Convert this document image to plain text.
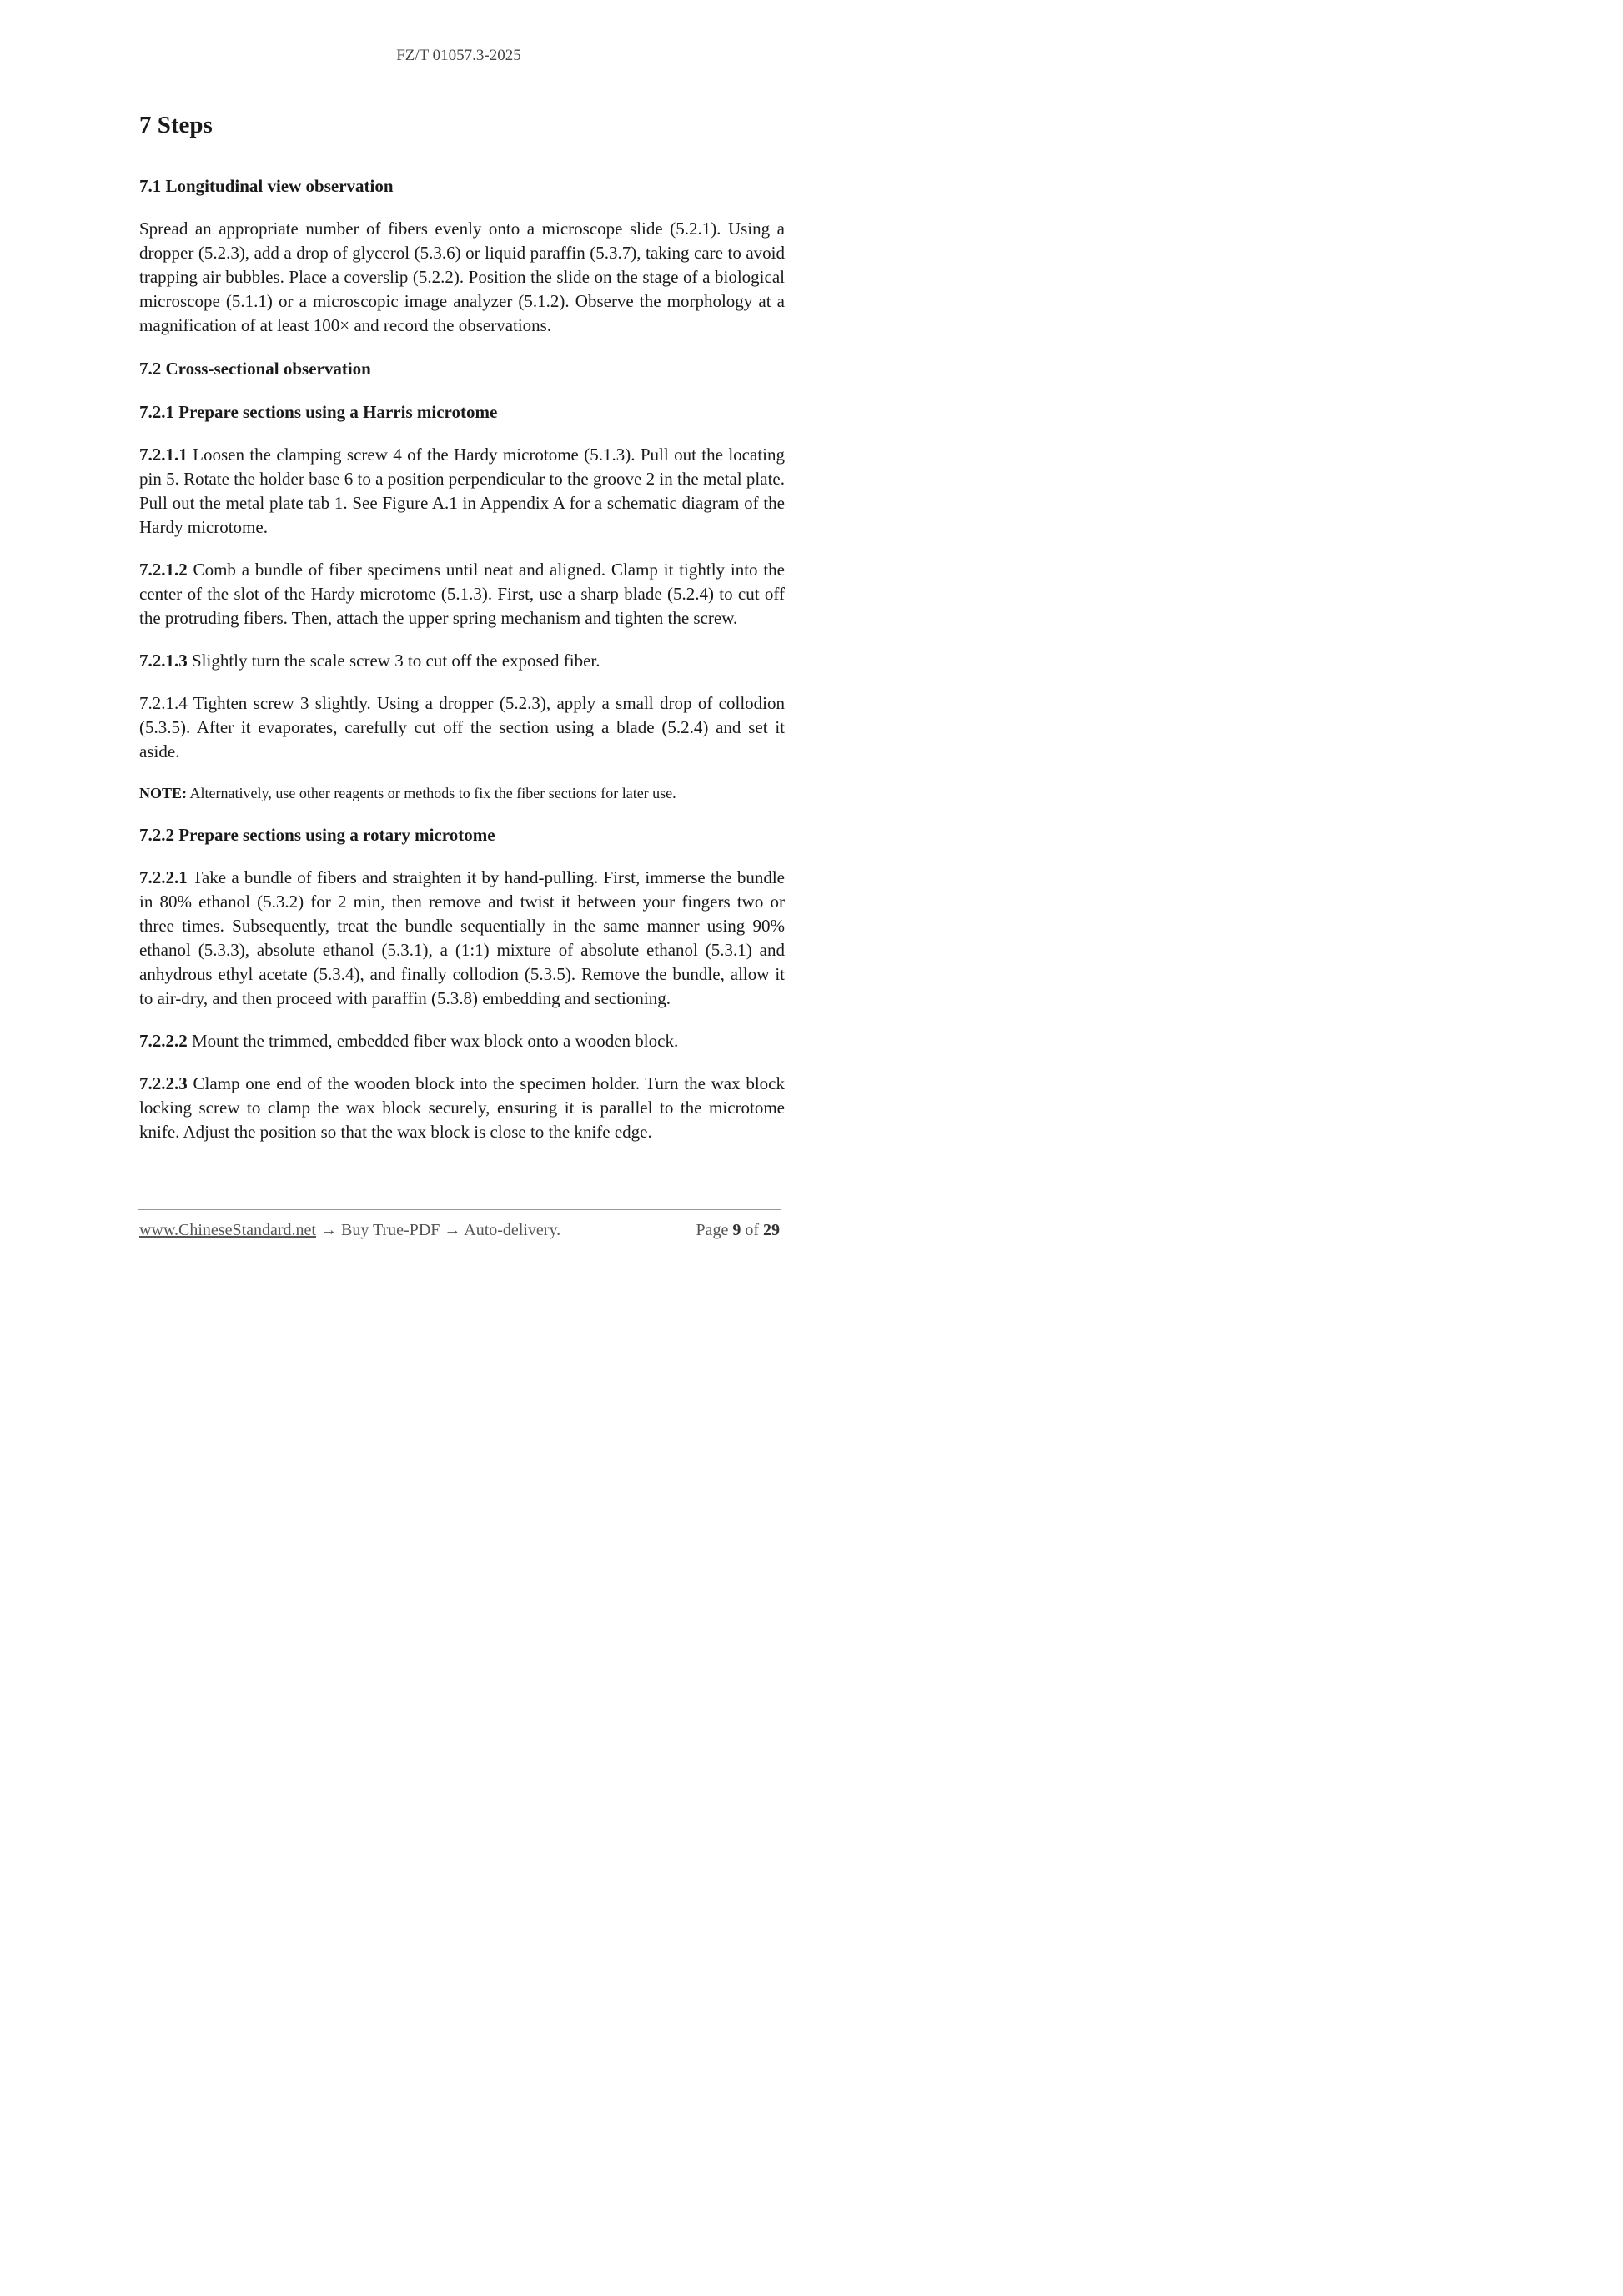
FZ/T 01057.3-2025
7 Steps
7.1 Longitudinal view observation

Spread an appropriate number of fibers evenly onto a microscope slide (5.2.1). Using a dropper (5.2.3), add a drop of glycerol (5.3.6) or liquid paraffin (5.3.7), taking care to avoid trapping air bubbles. Place a coverslip (5.2.2). Position the slide on the stage of a biological microscope (5.1.1) or a microscopic image analyzer (5.1.2). Observe the morphology at a magnification of at least 100× and record the observations.

7.2 Cross-sectional observation
7.2.1 Prepare sections using a Harris microtome

7.2.1.1 Loosen the clamping screw 4 of the Hardy microtome (5.1.3). Pull out the locating pin 5. Rotate the holder base 6 to a position perpendicular to the groove 2 in the metal plate. Pull out the metal plate tab 1. See Figure A.1 in Appendix A for a schematic diagram of the Hardy microtome.

7.2.1.2 Comb a bundle of fiber specimens until neat and aligned. Clamp it tightly into the center of the slot of the Hardy microtome (5.1.3). First, use a sharp blade (5.2.4) to cut off the protruding fibers. Then, attach the upper spring mechanism and tighten the screw.

7.2.1.3 Slightly turn the scale screw 3 to cut off the exposed fiber.

7.2.1.4 Tighten screw 3 slightly. Using a dropper (5.2.3), apply a small drop of collodion (5.3.5). After it evaporates, carefully cut off the section using a blade (5.2.4) and set it aside.

NOTE: Alternatively, use other reagents or methods to fix the fiber sections for later use.

7.2.2 Prepare sections using a rotary microtome

7.2.2.1 Take a bundle of fibers and straighten it by hand-pulling. First, immerse the bundle in 80% ethanol (5.3.2) for 2 min, then remove and twist it between your fingers two or three times. Subsequently, treat the bundle sequentially in the same manner using 90% ethanol (5.3.3), absolute ethanol (5.3.1), a (1:1) mixture of absolute ethanol (5.3.1) and anhydrous ethyl acetate (5.3.4), and finally collodion (5.3.5). Remove the bundle, allow it to air-dry, and then proceed with paraffin (5.3.8) embedding and sectioning.

7.2.2.2 Mount the trimmed, embedded fiber wax block onto a wooden block.

7.2.2.3 Clamp one end of the wooden block into the specimen holder. Turn the wax block locking screw to clamp the wax block securely, ensuring it is parallel to the microtome knife. Adjust the position so that the wax block is close to the knife edge.

www.ChineseStandard.net → Buy True-PDF → Auto-delivery.	Page 9 of 29
